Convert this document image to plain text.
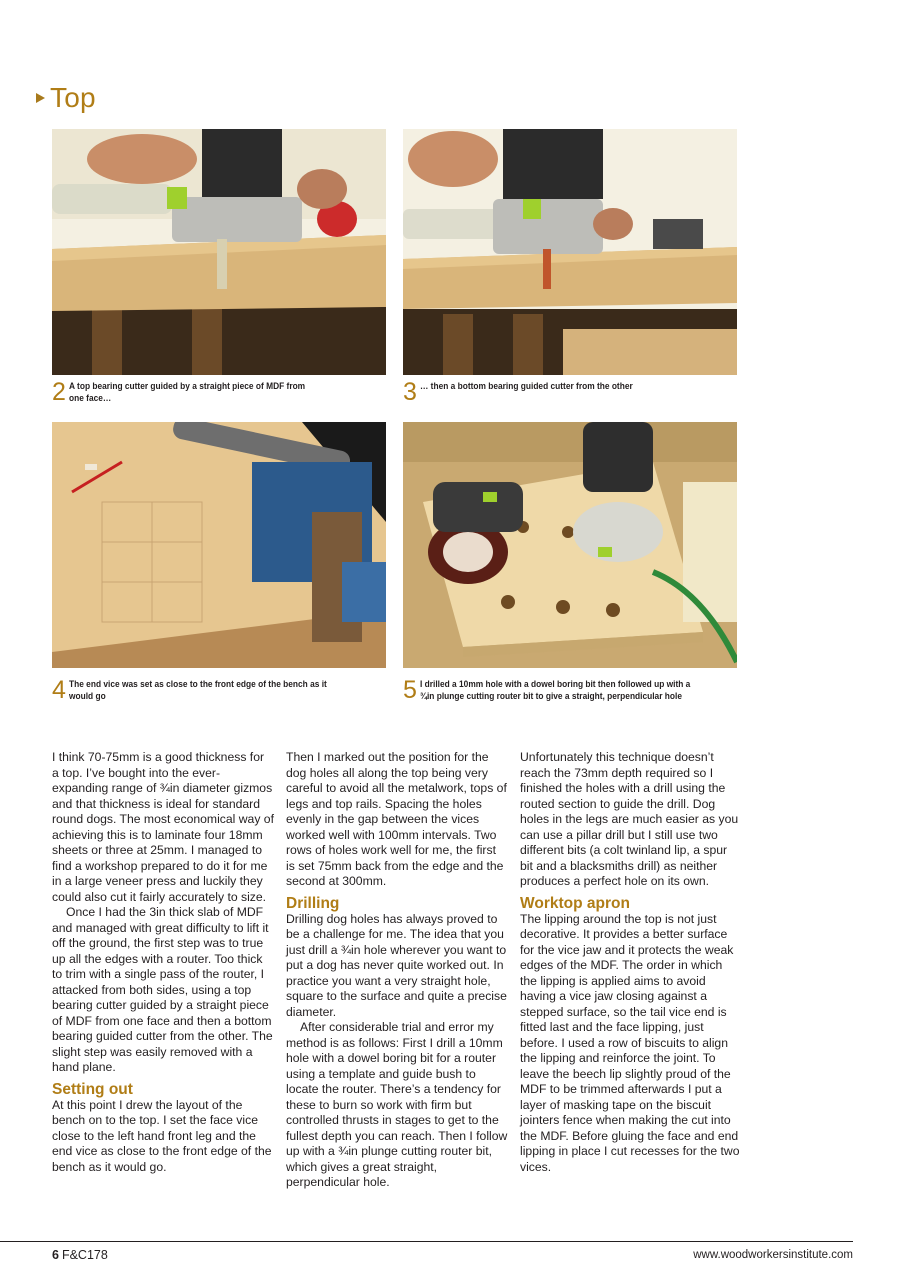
Top
2 A top bearing cutter guided by a straight piece of MDF from one face…	3 … then a bottom bearing guided cutter from the other
4 The end vice was set as close to the front edge of the bench as it would go	5 I drilled a 10mm hole with a dowel boring bit then followed up with a ¾in plunge cutting router bit to give a straight, perpendicular hole

I think 70-75mm is a good thickness for a top. I’ve bought into the ever-expanding range of ¾in diameter gizmos and that thickness is ideal for standard round dogs. The most economical way of achieving this is to laminate four 18mm sheets or three at 25mm. I managed to find a workshop prepared to do it for me in a large veneer press and luckily they could also cut it fairly accurately to size.

Once I had the 3in thick slab of MDF and managed with great difficulty to lift it off the ground, the first step was to true up all the edges with a router. Too thick to trim with a single pass of the router, I attacked from both sides, using a top bearing cutter guided by a straight piece of MDF from one face and then a bottom bearing guided cutter from the other. The slight step was easily removed with a hand plane.

Setting out

At this point I drew the layout of the bench on to the top. I set the face vice close to the left hand front leg and the end vice as close to the front edge of the bench as it would go.

Then I marked out the position for the dog holes all along the top being very careful to avoid all the metalwork, tops of legs and top rails. Spacing the holes evenly in the gap between the vices worked well with 100mm intervals. Two rows of holes work well for me, the first is set 75mm back from the edge and the second at 300mm.

Drilling

Drilling dog holes has always proved to be a challenge for me. The idea that you just drill a ¾in hole wherever you want to put a dog has never quite worked out. In practice you want a very straight hole, square to the surface and quite a precise diameter.

After considerable trial and error my method is as follows: First I drill a 10mm hole with a dowel boring bit for a router using a template and guide bush to locate the router. There’s a tendency for these to burn so work with firm but controlled thrusts in stages to get to the fullest depth you can reach. Then I follow up with a ¾in plunge cutting router bit, which gives a great straight, perpendicular hole.

Unfortunately this technique doesn’t reach the 73mm depth required so I finished the holes with a drill using the routed section to guide the drill. Dog holes in the legs are much easier as you can use a pillar drill but I still use two different bits (a colt twinland lip, a spur bit and a blacksmiths drill) as neither produces a perfect hole on its own.

Worktop apron

The lipping around the top is not just decorative. It provides a better surface for the vice jaw and it protects the weak edges of the MDF. The order in which the lipping is applied aims to avoid having a vice jaw closing against a stepped surface, so the tail vice end is fitted last and the face lipping, just before. I used a row of biscuits to align the lipping and reinforce the joint. To leave the beech lip slightly proud of the MDF to be trimmed afterwards I put a layer of masking tape on the biscuit jointers fence when making the cut into the MDF. Before gluing the face and end lipping in place I cut recesses for the two vices.

6 F&C178	www.woodworkersinstitute.com
